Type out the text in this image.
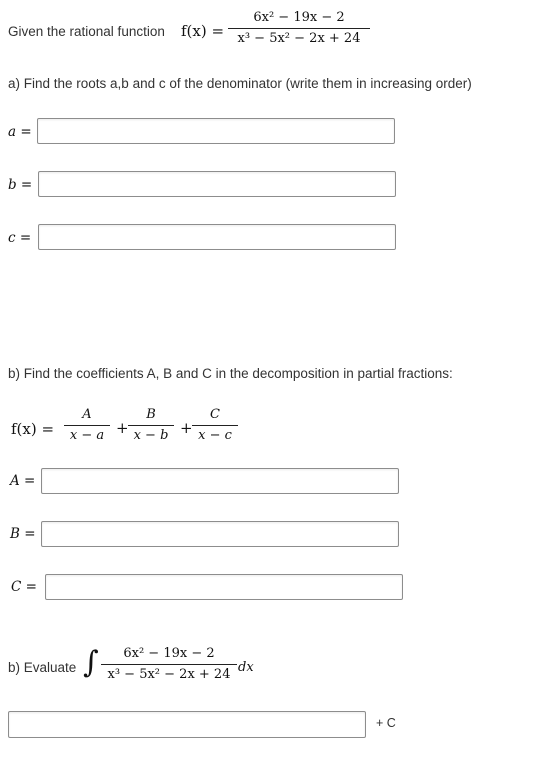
Given the rational function f(x) =
6x² − 19x − 2
x³ − 5x² − 2x + 24
a) Find the roots a,b and c of the denominator (write them in increasing order)
a =
b =
c =
b) Find the coefficients A, B and C in the decomposition in partial fractions:
f(x) =
A
x − a +
B
x − b +
C
x − c
A =
B =
C =
b) Evaluate ∫	6x² − 19x − 2
x³ − 5x² − 2x + 24 dx
+ C
